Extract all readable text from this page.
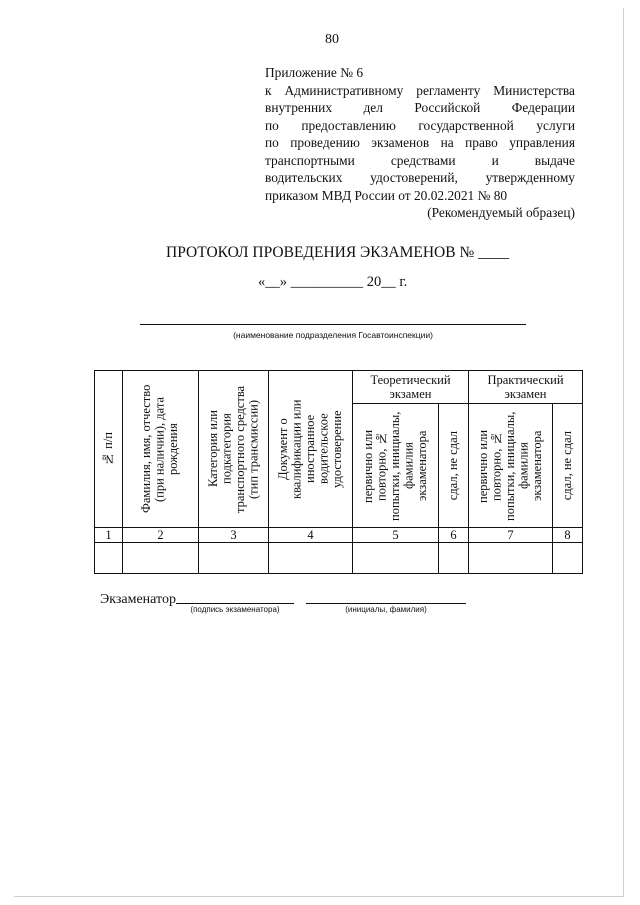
80
Приложение № 6
к Административному регламенту Министерства
внутренних дел Российской Федерации
по предоставлению государственной услуги
по проведению экзаменов на право управления
транспортными средствами и выдаче
водительских удостоверений, утвержденному
приказом МВД России от 20.02.2021 № 80
(Рекомендуемый образец)
ПРОТОКОЛ ПРОВЕДЕНИЯ ЭКЗАМЕНОВ № ____
«__» __________ 20__ г.
(наименование подразделения Госавтоинспекции)
№ п/п	Фамилия, имя, отчество (при наличии), дата рождения	Категория или подкатегория транспортного средства (тип трансмиссии)	Документ о квалификации или иностранное водительское удостоверение	Теоретический экзамен		Практический экзамен	

				первично или повторно, № попытки, инициалы, фамилия экзаменатора	сдал, не сдал	первично или повторно, № попытки, инициалы, фамилия экзаменатора	сдал, не сдал

1	2	3	4	5	6	7	8

Экзаменатор
(подпись экзаменатора)	(инициалы, фамилия)
